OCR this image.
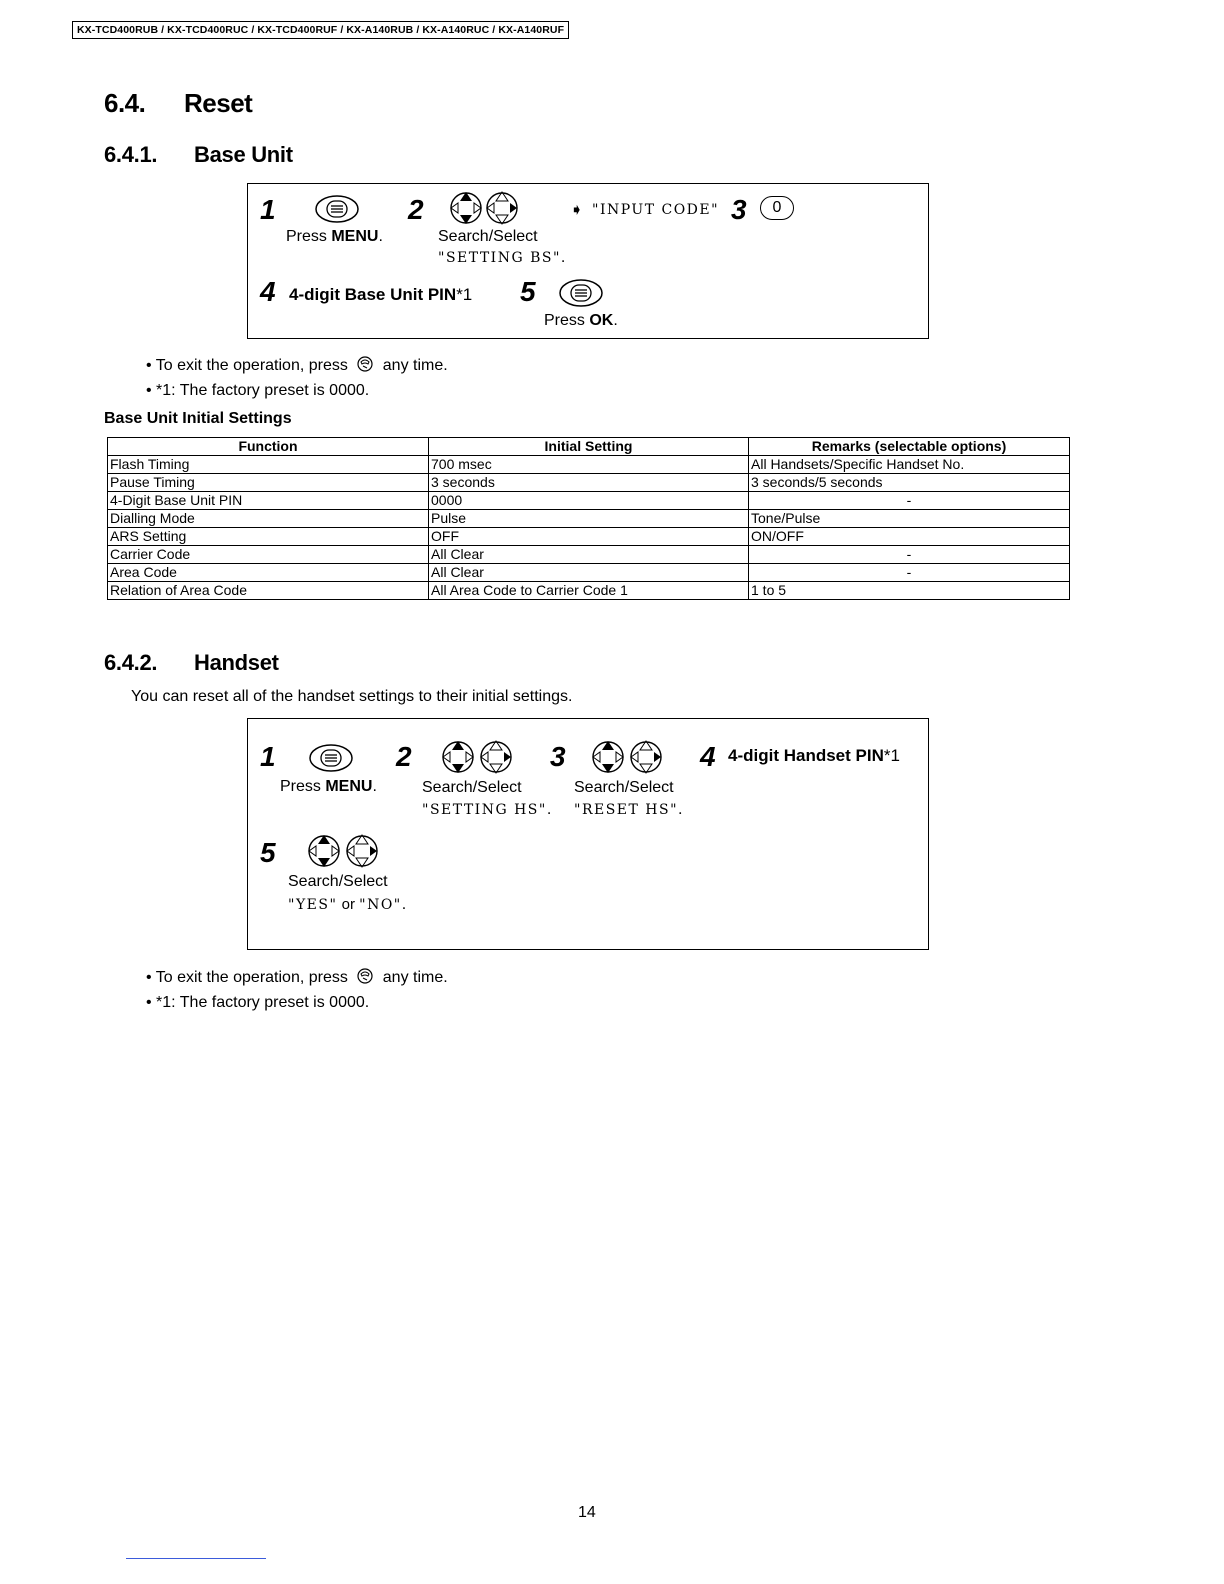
KX-TCD400RUB / KX-TCD400RUC / KX-TCD400RUF / KX-A140RUB / KX-A140RUC / KX-A140RUF
6.4. Reset
6.4.1. Base Unit
1
Press MENU.
2
Search/Select
"SETTING BS".
➧ "INPUT CODE" 3	0
4 4-digit Base Unit PIN*1 5
Press OK.
• To exit the operation, press any time.
• *1: The factory preset is 0000.
Base Unit Initial Settings
Function	Initial Setting	Remarks (selectable options)
Flash Timing	700 msec	All Handsets/Specific Handset No.
Pause Timing	3 seconds	3 seconds/5 seconds
4-Digit Base Unit PIN	0000	-
Dialling Mode	Pulse	Tone/Pulse
ARS Setting	OFF	ON/OFF
Carrier Code	All Clear	-
Area Code	All Clear	-
Relation of Area Code	All Area Code to Carrier Code 1	1 to 5
6.4.2. Handset
You can reset all of the handset settings to their initial settings.
1
Press MENU.
2
Search/Select
"SETTING HS".
3
Search/Select
"RESET HS".
4 4-digit Handset PIN*1
5
Search/Select
"YES" or "NO".
• To exit the operation, press any time.
• *1: The factory preset is 0000.
14
